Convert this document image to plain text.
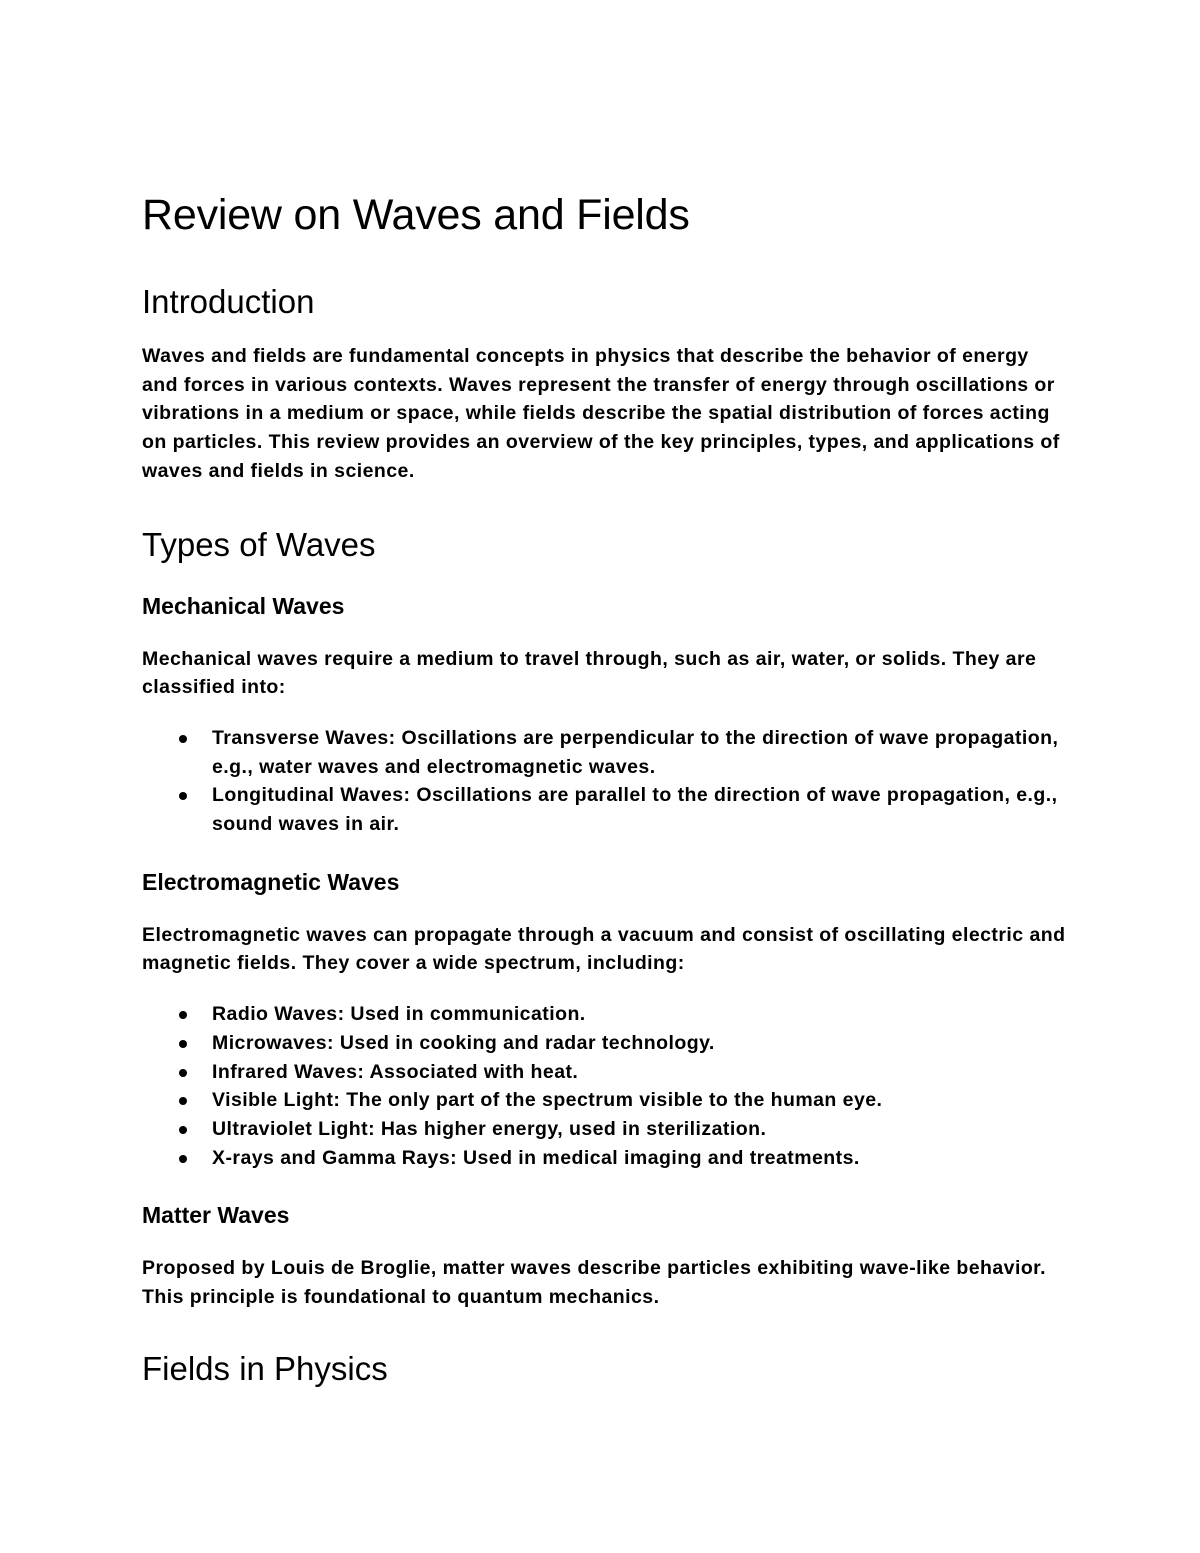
Review on Waves and Fields
Introduction

Waves and fields are fundamental concepts in physics that describe the behavior of energy and forces in various contexts. Waves represent the transfer of energy through oscillations or vibrations in a medium or space, while fields describe the spatial distribution of forces acting on particles. This review provides an overview of the key principles, types, and applications of waves and fields in science.

Types of Waves
Mechanical Waves

Mechanical waves require a medium to travel through, such as air, water, or solids. They are classified into:

Transverse Waves: Oscillations are perpendicular to the direction of wave propagation, e.g., water waves and electromagnetic waves.
Longitudinal Waves: Oscillations are parallel to the direction of wave propagation, e.g., sound waves in air.
Electromagnetic Waves

Electromagnetic waves can propagate through a vacuum and consist of oscillating electric and magnetic fields. They cover a wide spectrum, including:

Radio Waves: Used in communication.
Microwaves: Used in cooking and radar technology.
Infrared Waves: Associated with heat.
Visible Light: The only part of the spectrum visible to the human eye.
Ultraviolet Light: Has higher energy, used in sterilization.
X-rays and Gamma Rays: Used in medical imaging and treatments.
Matter Waves

Proposed by Louis de Broglie, matter waves describe particles exhibiting wave-like behavior. This principle is foundational to quantum mechanics.

Fields in Physics
